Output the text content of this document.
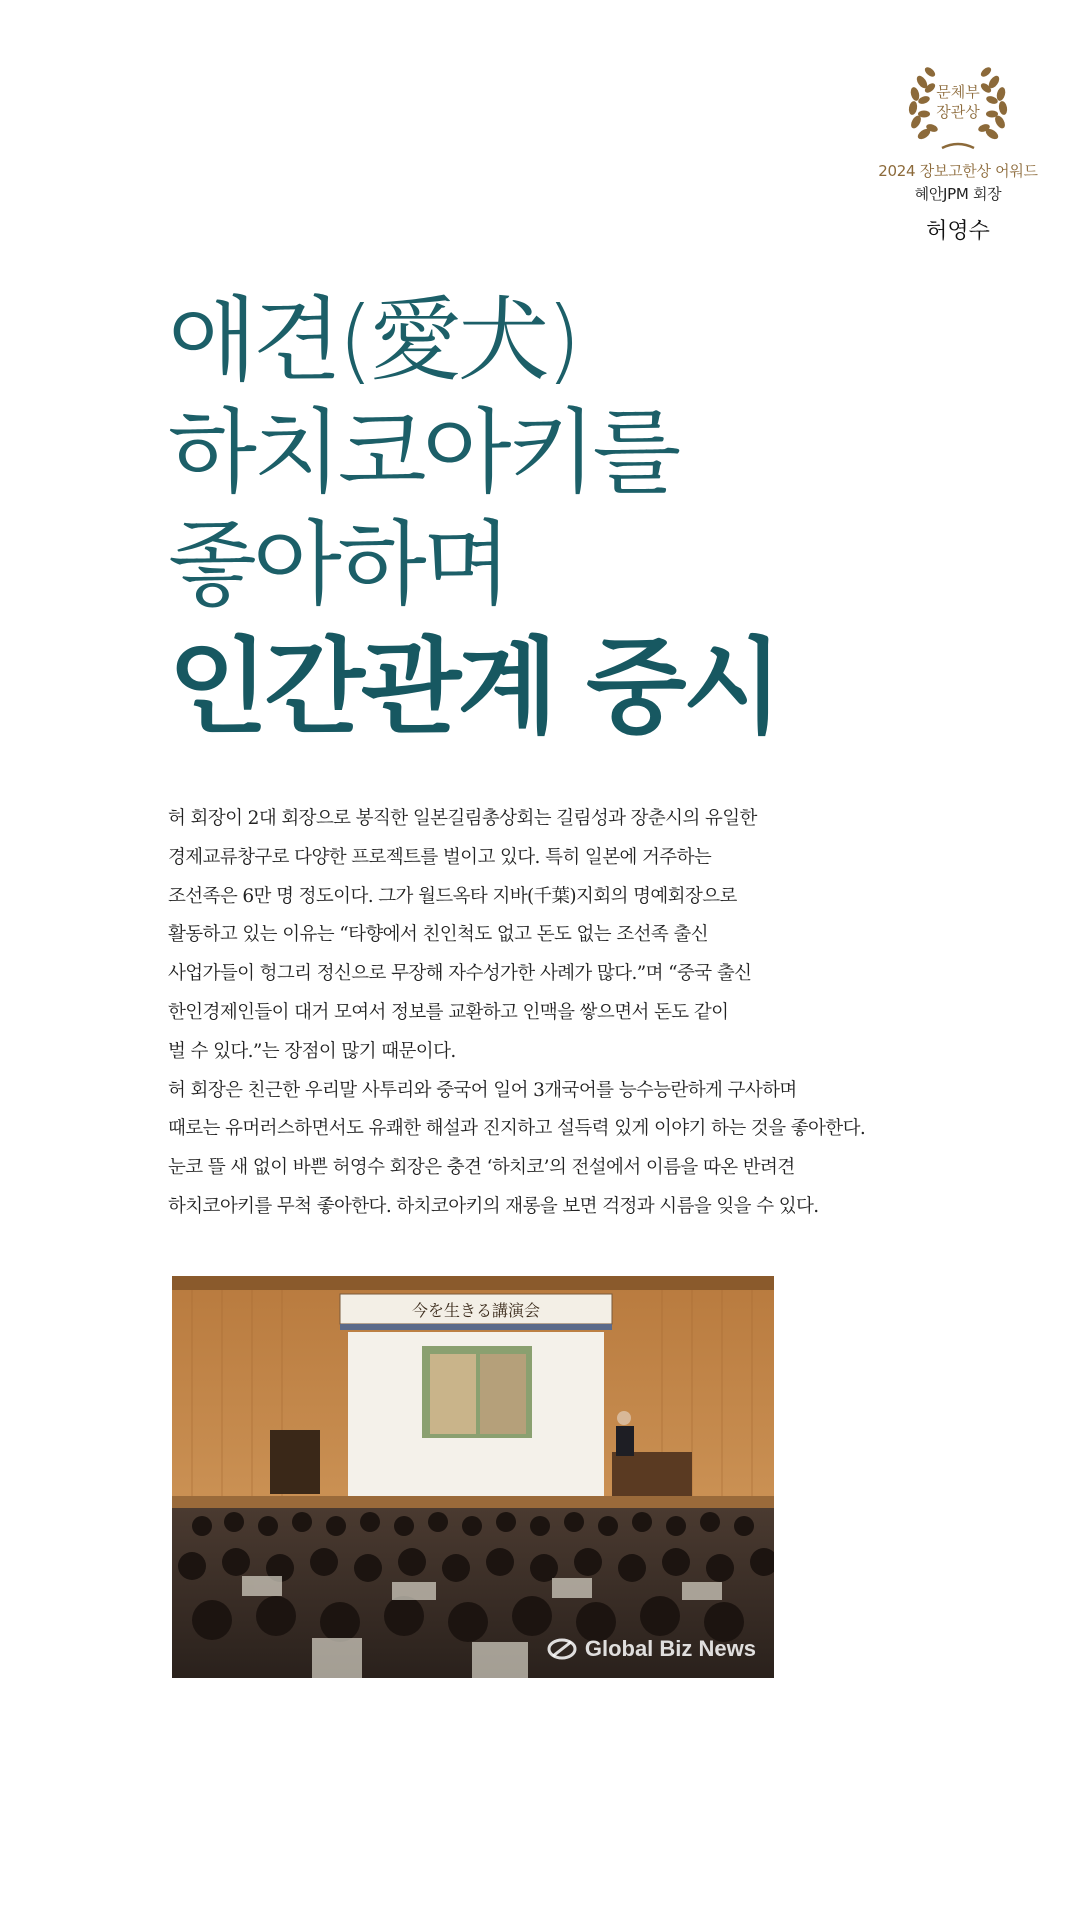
문체부
장관상
2024 장보고한상 어워드
혜안JPM 회장
허영수
애견(愛犬)
하치코아키를
좋아하며
인간관계 중시

허 회장이 2대 회장으로 봉직한 일본길림총상회는 길림성과 장춘시의 유일한

경제교류창구로 다양한 프로젝트를 벌이고 있다. 특히 일본에 거주하는

조선족은 6만 명 정도이다. 그가 월드옥타 지바(千葉)지회의 명예회장으로

활동하고 있는 이유는 “타향에서 친인척도 없고 돈도 없는 조선족 출신

사업가들이 헝그리 정신으로 무장해 자수성가한 사례가 많다.”며 “중국 출신

한인경제인들이 대거 모여서 정보를 교환하고 인맥을 쌓으면서 돈도 같이

벌 수 있다.”는 장점이 많기 때문이다.

허 회장은 친근한 우리말 사투리와 중국어 일어 3개국어를 능수능란하게 구사하며

때로는 유머러스하면서도 유쾌한 해설과 진지하고 설득력 있게 이야기 하는 것을 좋아한다.

눈코 뜰 새 없이 바쁜 허영수 회장은 충견 ‘하치코’의 전설에서 이름을 따온 반려견

하치코아키를 무척 좋아한다. 하치코아키의 재롱을 보면 걱정과 시름을 잊을 수 있다.

今を生きる講演会
Global Biz News
